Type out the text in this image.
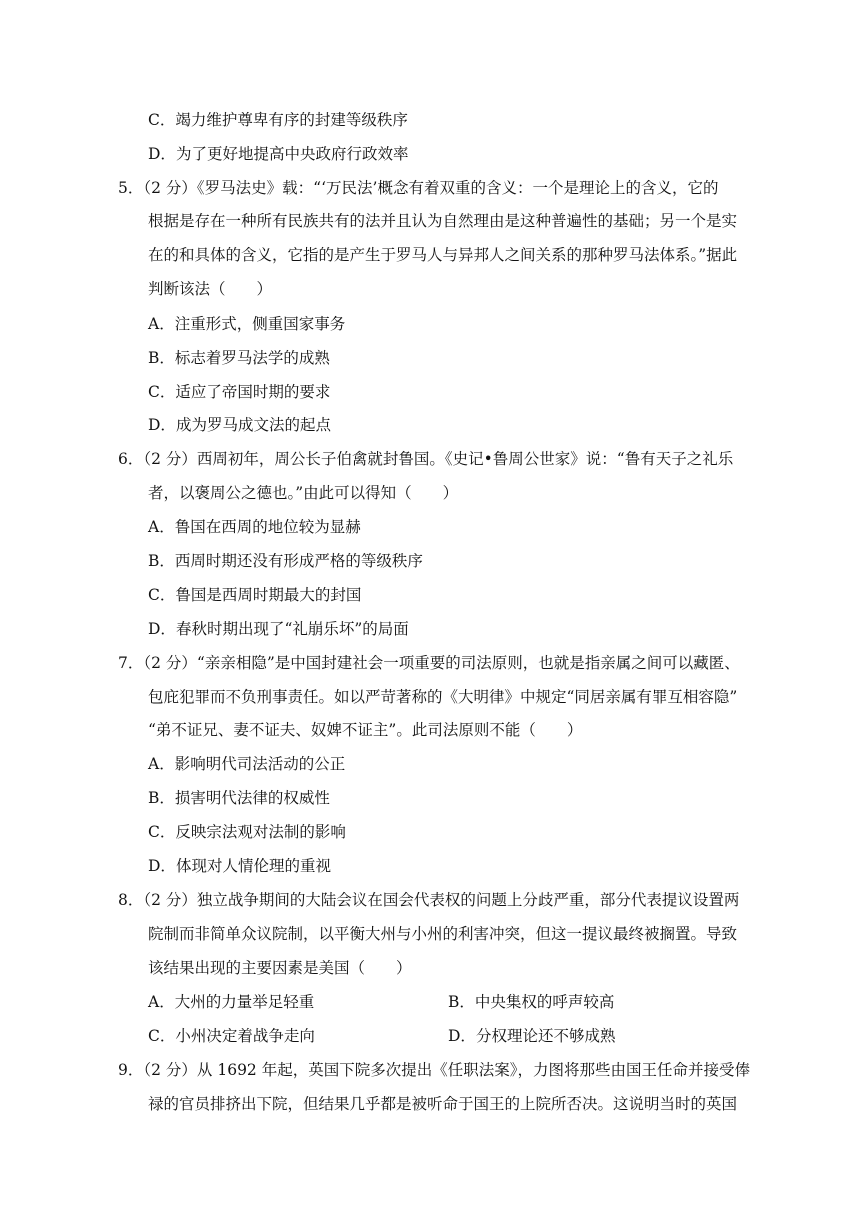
C．竭力维护尊卑有序的封建等级秩序
D．为了更好地提高中央政府行政效率
5．（2 分）《罗马法史》载：“‘万民法’概念有着双重的含义：一个是理论上的含义，它的
根据是存在一种所有民族共有的法并且认为自然理由是这种普遍性的基础；另一个是实
在的和具体的含义，它指的是产生于罗马人与异邦人之间关系的那种罗马法体系。”据此
判断该法（　　）
A．注重形式，侧重国家事务
B．标志着罗马法学的成熟
C．适应了帝国时期的要求
D．成为罗马成文法的起点
6．（2 分）西周初年，周公长子伯禽就封鲁国。《史记•鲁周公世家》说：“鲁有天子之礼乐
者，以褒周公之德也。”由此可以得知（　　）
A．鲁国在西周的地位较为显赫
B．西周时期还没有形成严格的等级秩序
C．鲁国是西周时期最大的封国
D．春秋时期出现了“礼崩乐坏”的局面
7．（2 分）“亲亲相隐”是中国封建社会一项重要的司法原则，也就是指亲属之间可以藏匿、
包庇犯罪而不负刑事责任。如以严苛著称的《大明律》中规定“同居亲属有罪互相容隐”
“弟不证兄、妻不证夫、奴婢不证主”。此司法原则不能（　　）
A．影响明代司法活动的公正
B．损害明代法律的权威性
C．反映宗法观对法制的影响
D．体现对人情伦理的重视
8．（2 分）独立战争期间的大陆会议在国会代表权的问题上分歧严重，部分代表提议设置两
院制而非简单众议院制，以平衡大州与小州的利害冲突，但这一提议最终被搁置。导致
该结果出现的主要因素是美国（　　）
A．大州的力量举足轻重	B．中央集权的呼声较高
C．小州决定着战争走向	D．分权理论还不够成熟
9．（2 分）从 1692 年起，英国下院多次提出《任职法案》，力图将那些由国王任命并接受俸
禄的官员排挤出下院，但结果几乎都是被听命于国王的上院所否决。这说明当时的英国
